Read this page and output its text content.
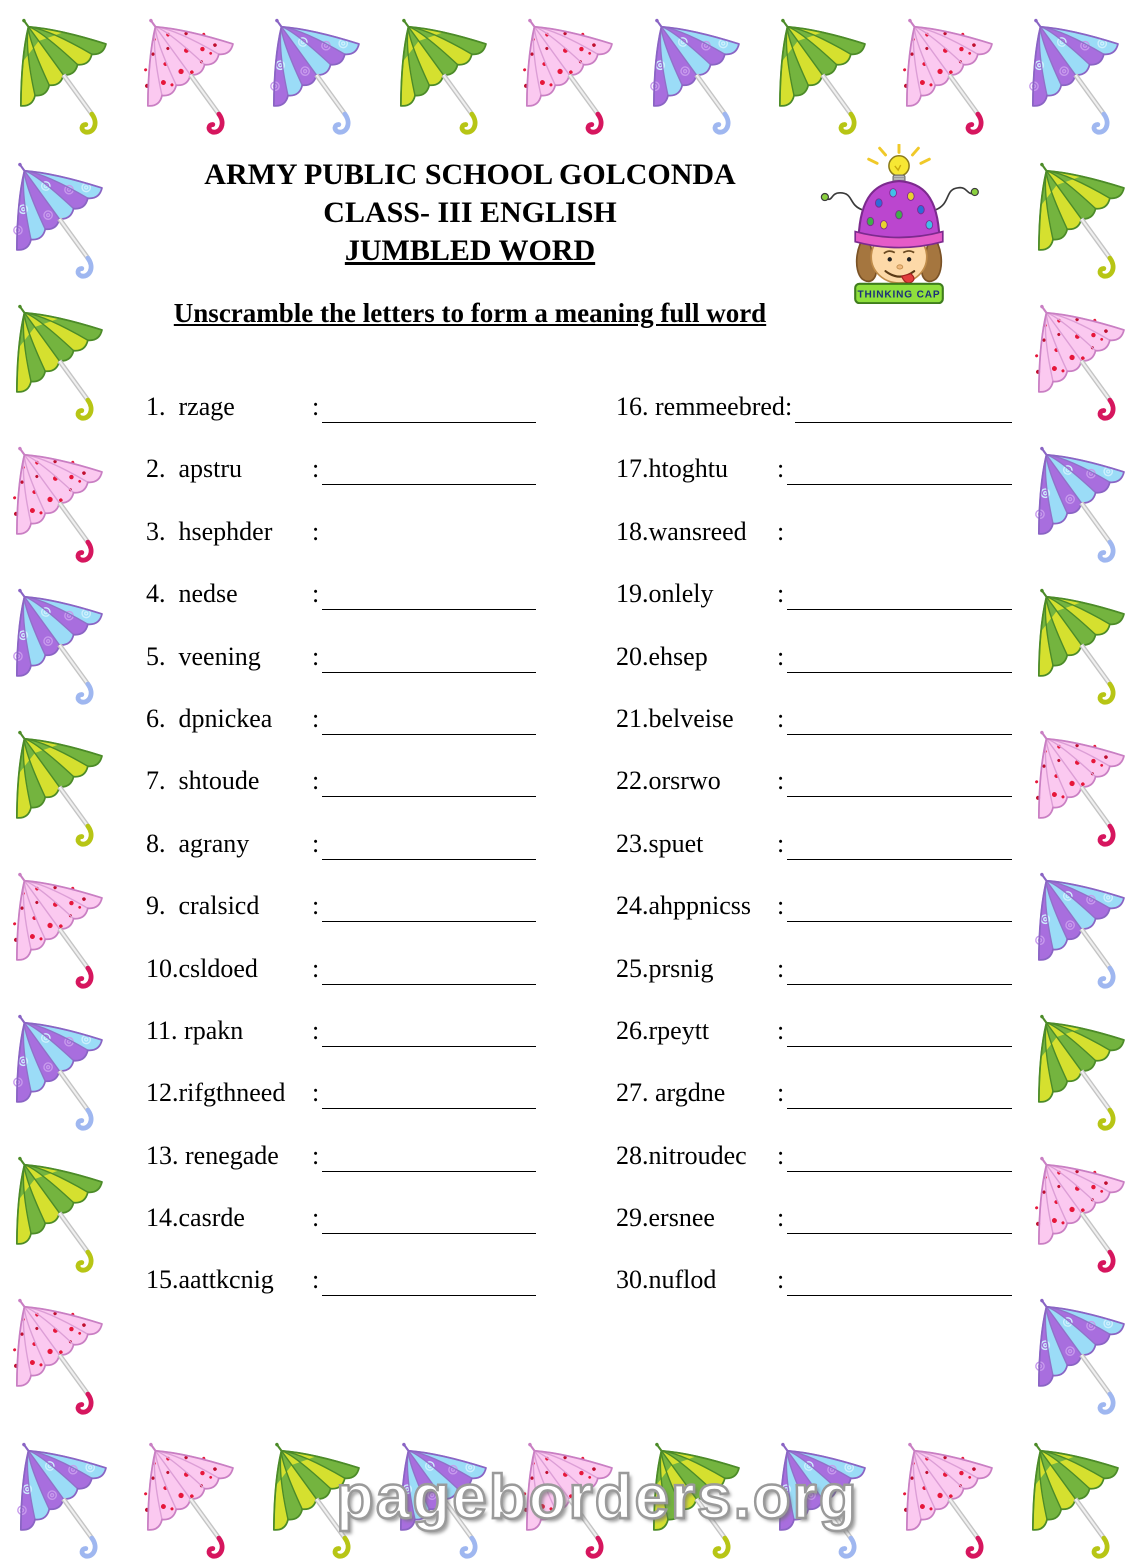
ARMY PUBLIC SCHOOL GOLCONDA
CLASS- III ENGLISH
JUMBLED WORD
Unscramble the letters to form a meaning full word
THINKING CAP
1.  rzage	:
2.  apstru	:
3.  hsephder	:
4.  nedse	:
5.  veening	:
6.  dpnickea	:
7.  shtoude	:
8.  agrany	:
9.  cralsicd	:
10.csldoed	:
11. rpakn	:
12.rifgthneed	:
13. renegade	:
14.casrde	:
15.aattkcnig	:
16. remmeebred :
17.htoghtu	:
18.wansreed	:
19.onlely	:
20.ehsep	:
21.belveise	:
22.orsrwo	:
23.spuet	:
24.ahppnicss :
25.prsnig	:
26.rpeytt	:
27. argdne	:
28.nitroudec	:
29.ersnee	:
30.nuflod	:
pageborders.org
